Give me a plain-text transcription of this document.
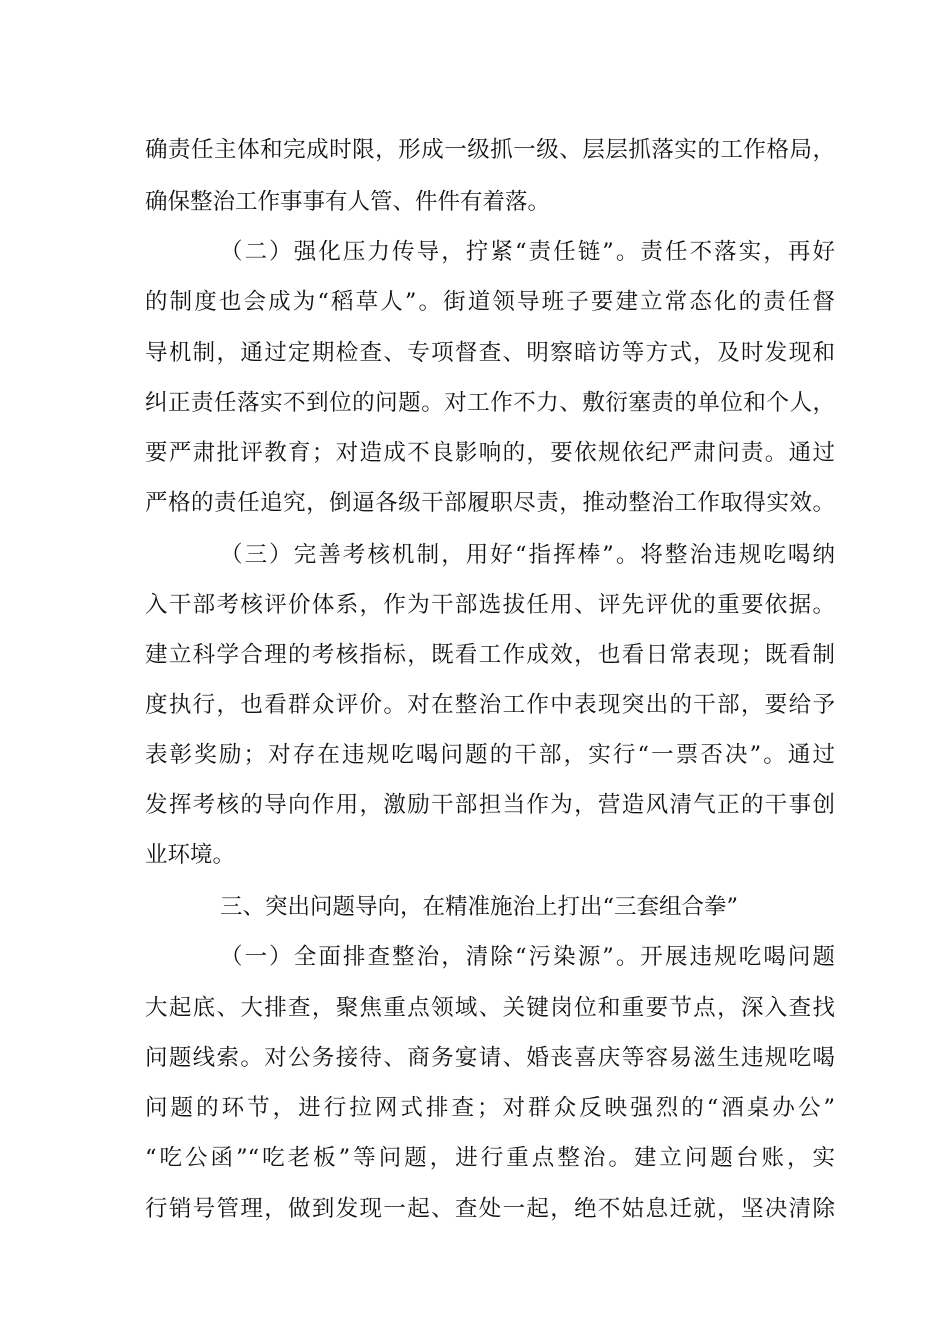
确责任主体和完成时限，形成一级抓一级、层层抓落实的工作格局，
确保整治工作事事有人管、件件有着落。
（二）强化压力传导，拧紧“责任链”。责任不落实，再好
的制度也会成为“稻草人”。街道领导班子要建立常态化的责任督
导机制，通过定期检查、专项督查、明察暗访等方式，及时发现和
纠正责任落实不到位的问题。对工作不力、敷衍塞责的单位和个人，
要严肃批评教育；对造成不良影响的，要依规依纪严肃问责。通过
严格的责任追究，倒逼各级干部履职尽责，推动整治工作取得实效。
（三）完善考核机制，用好“指挥棒”。将整治违规吃喝纳
入干部考核评价体系，作为干部选拔任用、评先评优的重要依据。
建立科学合理的考核指标，既看工作成效，也看日常表现；既看制
度执行，也看群众评价。对在整治工作中表现突出的干部，要给予
表彰奖励；对存在违规吃喝问题的干部，实行“一票否决”。通过
发挥考核的导向作用，激励干部担当作为，营造风清气正的干事创
业环境。
三、突出问题导向，在精准施治上打出“三套组合拳”
（一）全面排查整治，清除“污染源”。开展违规吃喝问题
大起底、大排查，聚焦重点领域、关键岗位和重要节点，深入查找
问题线索。对公务接待、商务宴请、婚丧喜庆等容易滋生违规吃喝
问题的环节，进行拉网式排查；对群众反映强烈的“酒桌办公”
“吃公函”“吃老板”等问题，进行重点整治。建立问题台账，实
行销号管理，做到发现一起、查处一起，绝不姑息迁就，坚决清除
